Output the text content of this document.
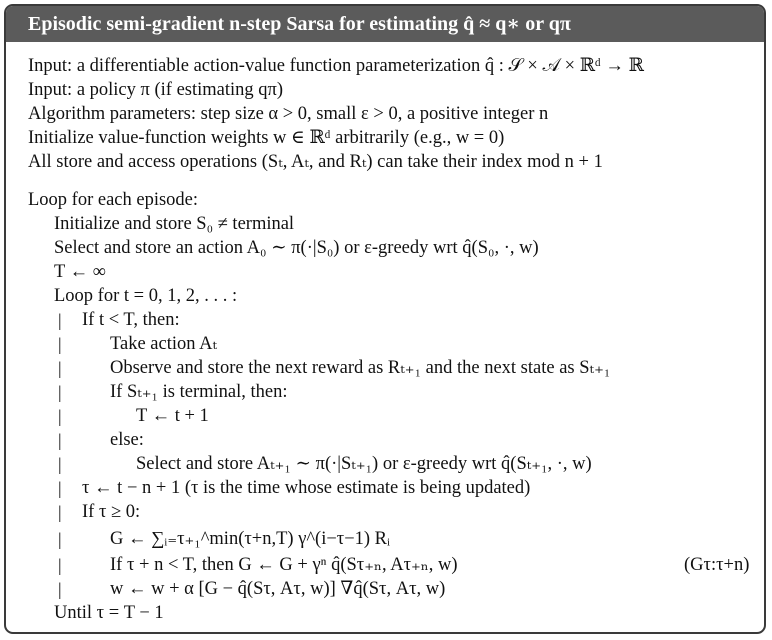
Episodic semi-gradient n-step Sarsa for estimating q̂ ≈ q∗ or qπ
Input: a differentiable action-value function parameterization q̂ : 𝒮 × 𝒜 × ℝᵈ → ℝ
Input: a policy π (if estimating qπ)
Algorithm parameters: step size α > 0, small ε > 0, a positive integer n
Initialize value-function weights w ∈ ℝᵈ arbitrarily (e.g., w = 0)
All store and access operations (Sₜ, Aₜ, and Rₜ) can take their index mod n + 1
Loop for each episode:
Initialize and store S₀ ≠ terminal
Select and store an action A₀ ∼ π(·|S₀) or ε-greedy wrt q̂(S₀, ·, w)
T ← ∞
Loop for t = 0, 1, 2, . . . :
If t < T, then:
Take action Aₜ
Observe and store the next reward as Rₜ₊₁ and the next state as Sₜ₊₁
If Sₜ₊₁ is terminal, then:
T ← t + 1
else:
Select and store Aₜ₊₁ ∼ π(·|Sₜ₊₁) or ε-greedy wrt q̂(Sₜ₊₁, ·, w)
τ ← t − n + 1 (τ is the time whose estimate is being updated)
If τ ≥ 0:
G ← ∑ᵢ₌τ₊₁^min(τ+n,T) γ^(i−τ−1) Rᵢ
If τ + n < T, then G ← G + γⁿ q̂(Sτ₊ₙ, Aτ₊ₙ, w)	(Gτ:τ+n)
w ← w + α [G − q̂(Sτ, Aτ, w)] ∇q̂(Sτ, Aτ, w)
Until τ = T − 1
|
|
|
|
|
|
|
|
|
|
|
|
